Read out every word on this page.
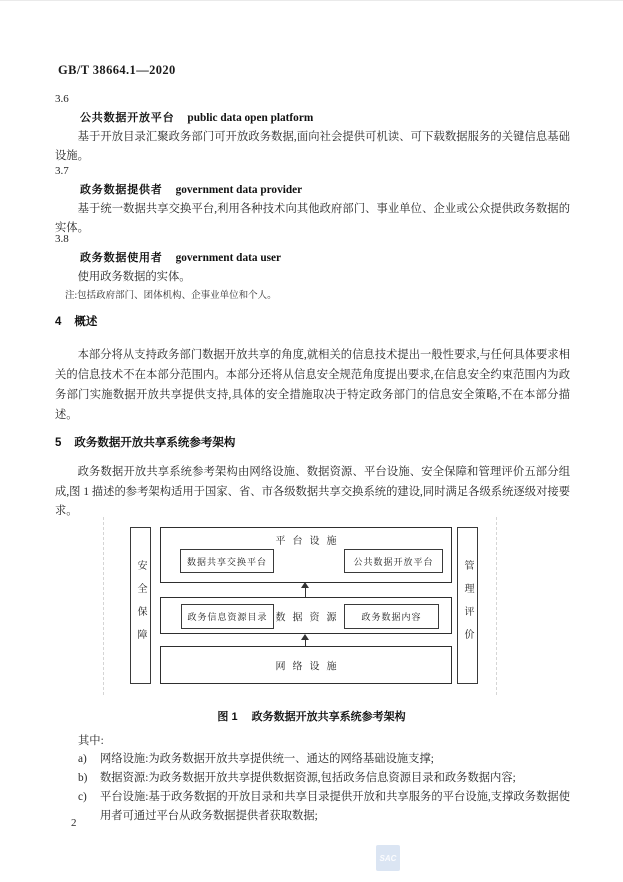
GB/T 38664.1—2020
3.6
公共数据开放平台 public data open platform
基于开放目录汇聚政务部门可开放政务数据,面向社会提供可机读、可下载数据服务的关键信息基础设施。
3.7
政务数据提供者 government data provider
基于统一数据共享交换平台,利用各种技术向其他政府部门、事业单位、企业或公众提供政务数据的实体。
3.8
政务数据使用者 government data user
使用政务数据的实体。
注:包括政府部门、团体机构、企事业单位和个人。
4 概述
本部分将从支持政务部门数据开放共享的角度,就相关的信息技术提出一般性要求,与任何具体要求相关的信息技术不在本部分范围内。本部分还将从信息安全规范角度提出要求,在信息安全约束范围内为政务部门实施数据开放共享提供支持,具体的安全措施取决于特定政务部门的信息安全策略,不在本部分描述。
5 政务数据开放共享系统参考架构
政务数据开放共享系统参考架构由网络设施、数据资源、平台设施、安全保障和管理评价五部分组成,图 1 描述的参考架构适用于国家、省、市各级数据共享交换系统的建设,同时满足各级系统逐级对接要求。
安全保障	管理评价
平台设施
数据共享交换平台	公共数据开放平台
数据资源
政务信息资源目录	政务数据内容
网络设施
图 1 政务数据开放共享系统参考架构
其中:
a) 网络设施:为政务数据开放共享提供统一、通达的网络基础设施支撑;
b) 数据资源:为政务数据开放共享提供数据资源,包括政务信息资源目录和政务数据内容;
c) 平台设施:基于政务数据的开放目录和共享目录提供开放和共享服务的平台设施,支撑政务数据使用者可通过平台从政务数据提供者获取数据;
2
SAC
